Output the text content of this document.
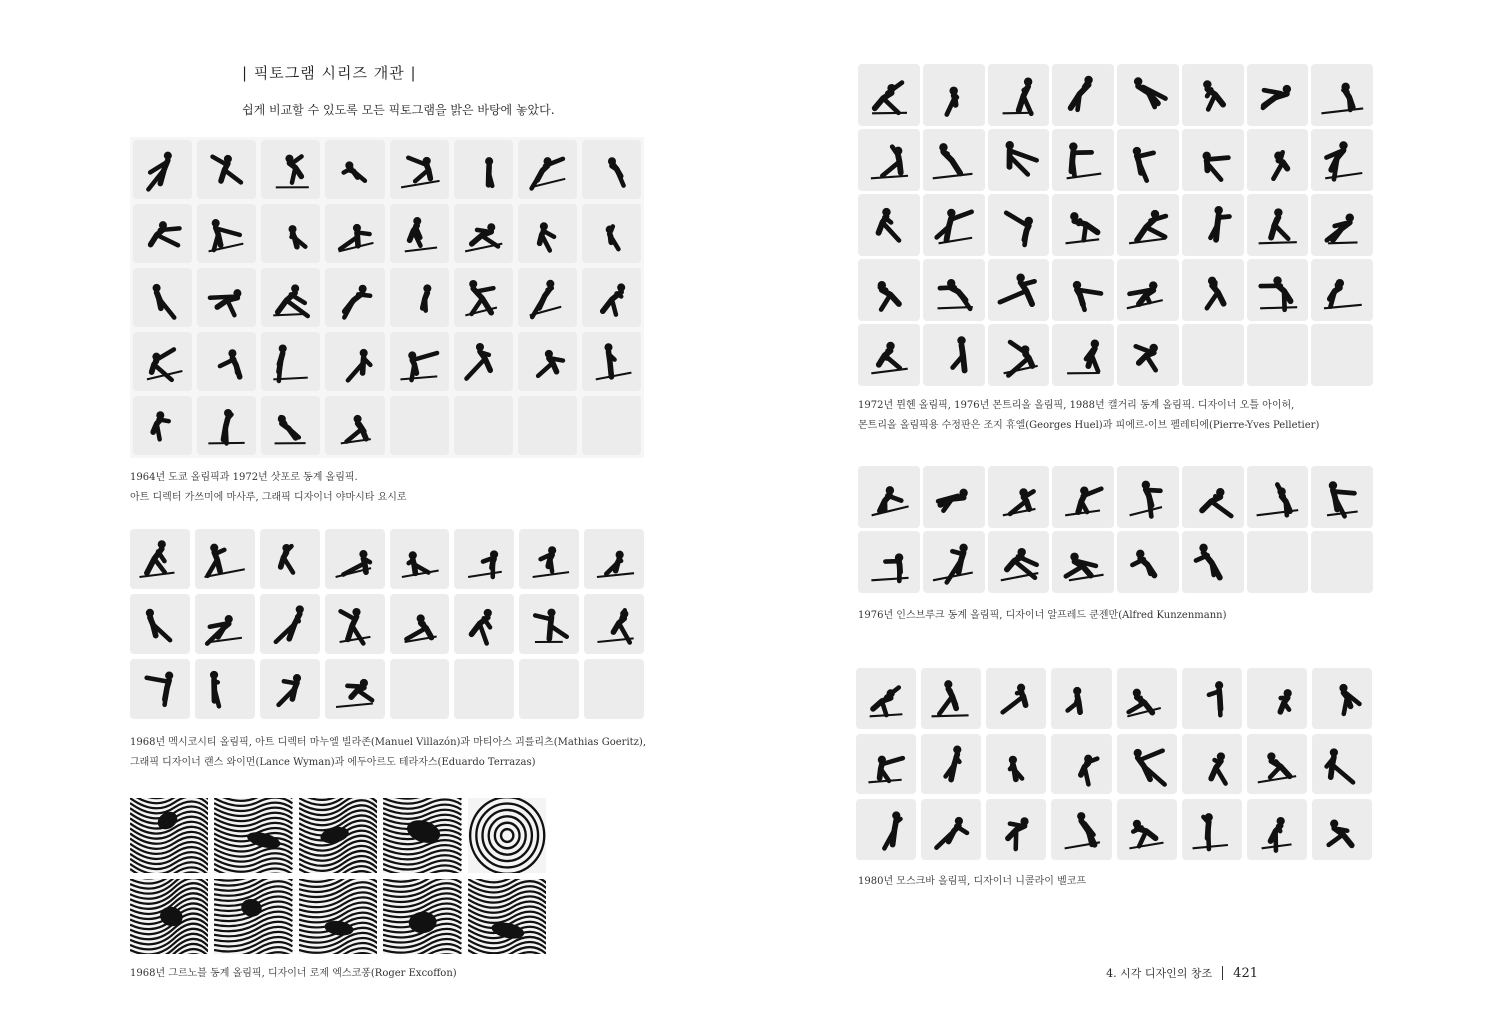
| 픽토그램 시리즈 개관 |
쉽게 비교할 수 있도록 모든 픽토그램을 밝은 바탕에 놓았다.
1964년 도쿄 올림픽과 1972년 삿포로 동계 올림픽.
아트 디렉터 가쓰미에 마사루, 그래픽 디자이너 야마시타 요시로
1968년 멕시코시티 올림픽, 아트 디렉터 마누엘 빌라존(Manuel Villazón)과 마티아스 괴를리츠(Mathias Goeritz),
그래픽 디자이너 랜스 와이먼(Lance Wyman)과 에두아르도 테라자스(Eduardo Terrazas)
1968년 그르노블 동계 올림픽, 디자이너 로제 엑스코퐁(Roger Excoffon)
1972년 뮌헨 올림픽, 1976년 몬트리올 올림픽, 1988년 캘거리 동계 올림픽. 디자이너 오틀 아이허,
몬트리올 올림픽용 수정판은 조지 휴엘(Georges Huel)과 피에르-이브 펠레티에(Pierre-Yves Pelletier)
1976년 인스브루크 동계 올림픽, 디자이너 알프레드 쿤젠만(Alfred Kunzenmann)
1980년 모스크바 올림픽, 디자이너 니콜라이 벨코프
4. 시각 디자인의 창조 421
